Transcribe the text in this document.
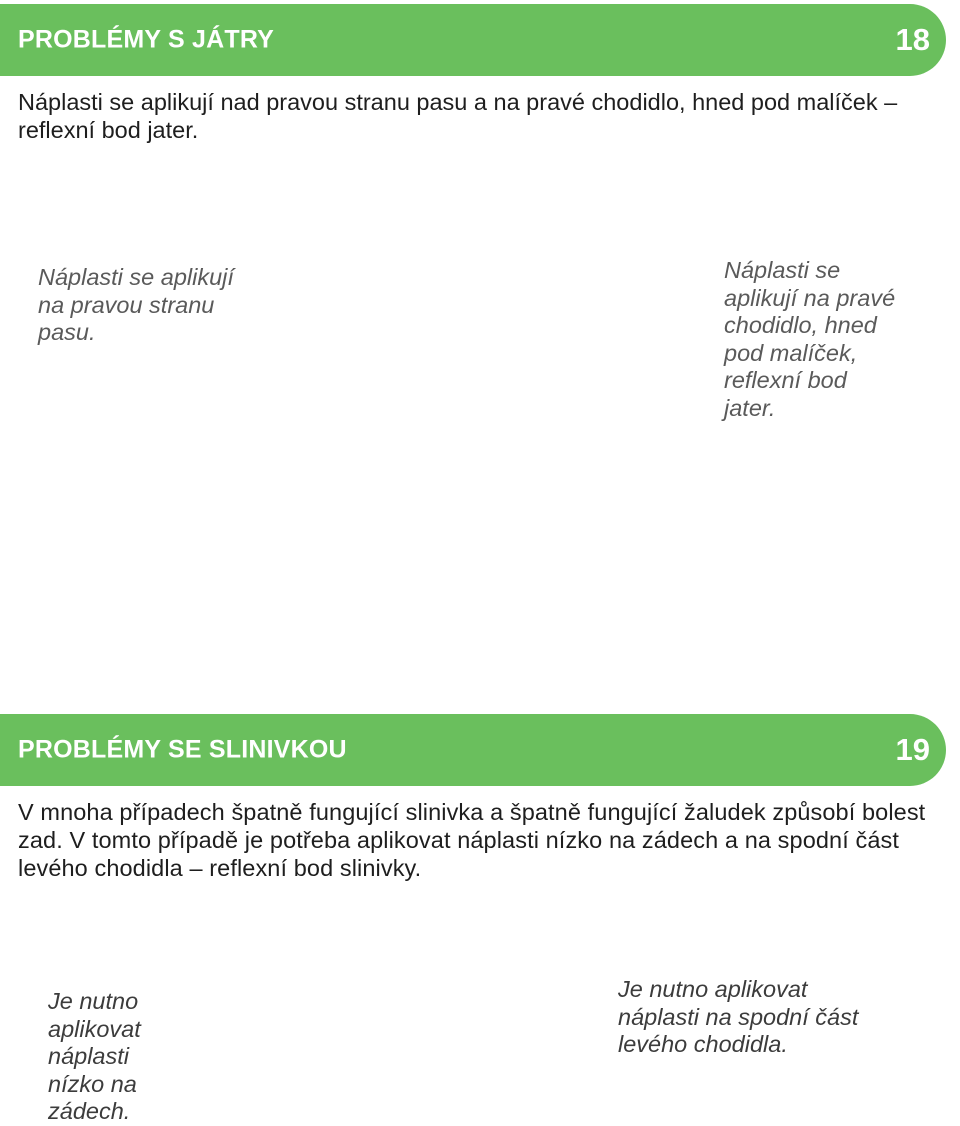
PROBLÉMY S JÁTRY	18
Náplasti se aplikují nad pravou stranu pasu a na pravé chodidlo, hned pod malíček – reflexní bod jater.
Náplasti se aplikují
na pravou stranu
pasu.
Náplasti se
aplikují na pravé
chodidlo, hned
pod malíček,
reflexní bod
jater.
PROBLÉMY SE SLINIVKOU	19
V mnoha případech špatně fungující slinivka a špatně fungující žaludek způsobí bolest zad. V tomto případě je potřeba aplikovat náplasti nízko na zádech a na spodní část levého chodidla – reflexní bod slinivky.
Je nutno
aplikovat
náplasti
nízko na
zádech.
Je nutno aplikovat
náplasti na spodní část
levého chodidla.
